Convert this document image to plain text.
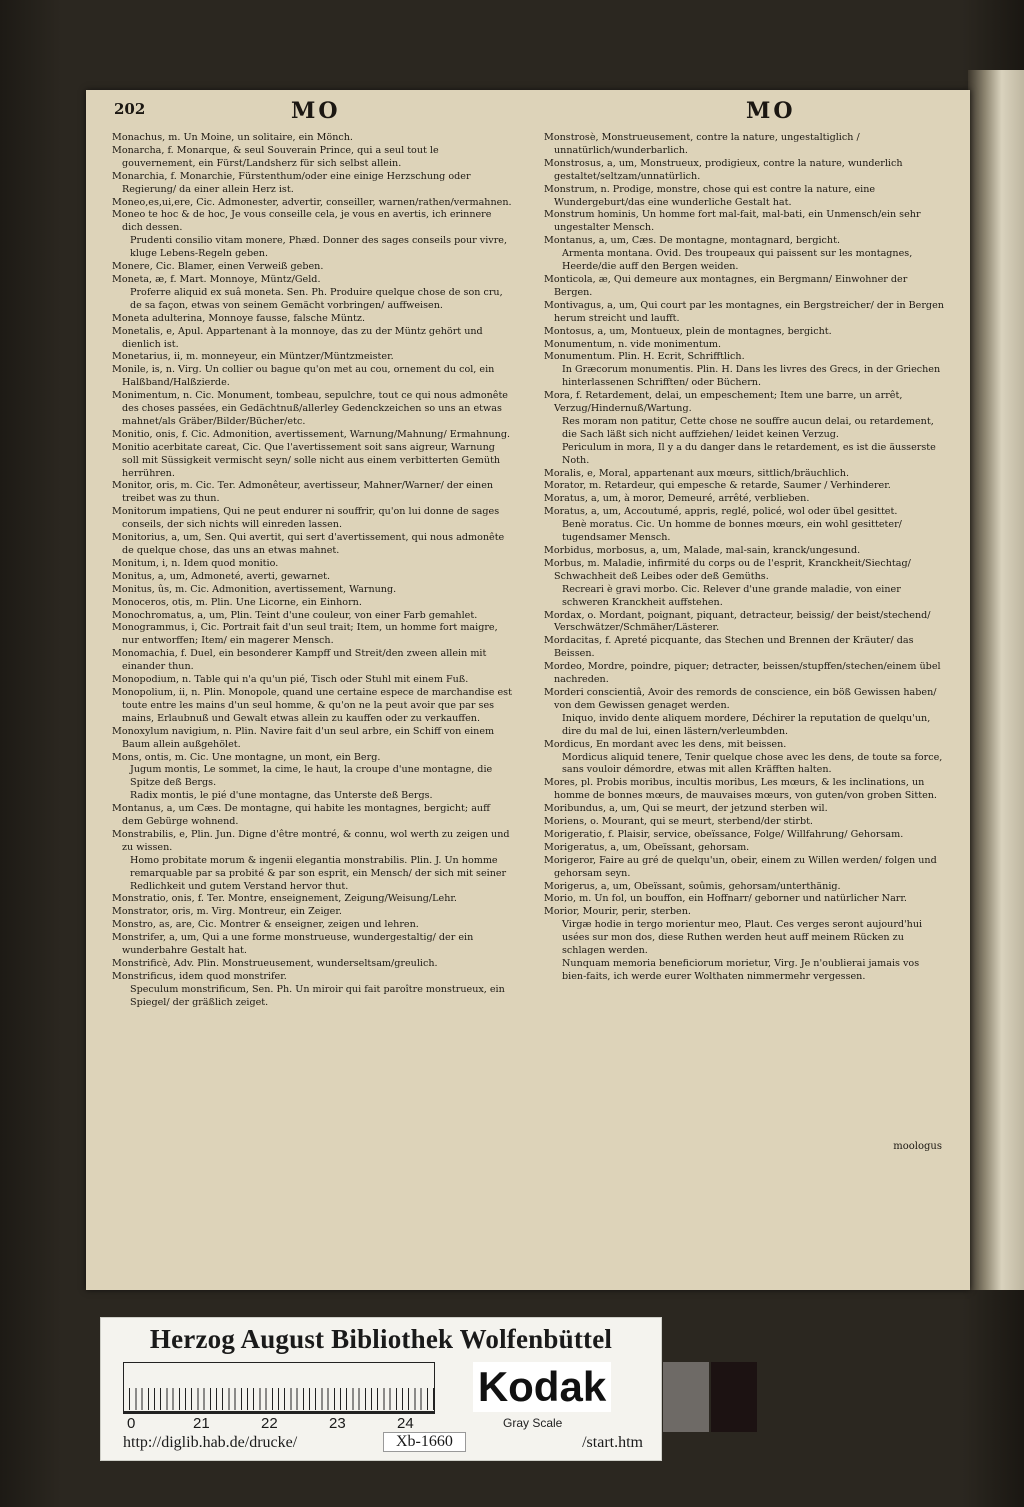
202	MO	MO

Monachus, m. Un Moine, un solitaire, ein Mönch.

Monarcha, f. Monarque, & seul Souverain Prince, qui a seul tout le gouvernement, ein Fürst/Landsherz für sich selbst allein.

Monarchia, f. Monarchie, Fürstenthum/oder eine einige Herzschung oder Regierung/ da einer allein Herz ist.

Moneo,es,ui,ere, Cic. Admonester, advertir, conseiller, warnen/rathen/vermahnen.

Moneo te hoc & de hoc, Je vous conseille cela, je vous en avertis, ich erinnere dich dessen.

Prudenti consilio vitam monere, Phæd. Donner des sages conseils pour vivre, kluge Lebens-Regeln geben.

Monere, Cic. Blamer, einen Verweiß geben.

Moneta, æ, f. Mart. Monnoye, Müntz/Geld.

Proferre aliquid ex suâ moneta. Sen. Ph. Produire quelque chose de son cru, de sa façon, etwas von seinem Gemächt vorbringen/ auffweisen.

Moneta adulterina, Monnoye fausse, falsche Müntz.

Monetalis, e, Apul. Appartenant à la monnoye, das zu der Müntz gehört und dienlich ist.

Monetarius, ii, m. monneyeur, ein Müntzer/Müntzmeister.

Monile, is, n. Virg. Un collier ou bague qu'on met au cou, ornement du col, ein Halßband/Halßzierde.

Monimentum, n. Cic. Monument, tombeau, sepulchre, tout ce qui nous admonête des choses passées, ein Gedächtnuß/allerley Gedenckzeichen so uns an etwas mahnet/als Gräber/Bilder/Bücher/etc.

Monitio, onis, f. Cic. Admonition, avertissement, Warnung/Mahnung/ Ermahnung.

Monitio acerbitate careat, Cic. Que l'avertissement soit sans aigreur, Warnung soll mit Süssigkeit vermischt seyn/ solle nicht aus einem verbitterten Gemüth herrühren.

Monitor, oris, m. Cic. Ter. Admonêteur, avertisseur, Mahner/Warner/ der einen treibet was zu thun.

Monitorum impatiens, Qui ne peut endurer ni souffrir, qu'on lui donne de sages conseils, der sich nichts will einreden lassen.

Monitorius, a, um, Sen. Qui avertit, qui sert d'avertissement, qui nous admonête de quelque chose, das uns an etwas mahnet.

Monitum, i, n. Idem quod monitio.

Monitus, a, um, Admoneté, averti, gewarnet.

Monitus, ûs, m. Cic. Admonition, avertissement, Warnung.

Monoceros, otis, m. Plin. Une Licorne, ein Einhorn.

Monochromatus, a, um, Plin. Teint d'une couleur, von einer Farb gemahlet.

Monogrammus, i, Cic. Portrait fait d'un seul trait; Item, un homme fort maigre, nur entworffen; Item/ ein magerer Mensch.

Monomachia, f. Duel, ein besonderer Kampff und Streit/den zween allein mit einander thun.

Monopodium, n. Table qui n'a qu'un pié, Tisch oder Stuhl mit einem Fuß.

Monopolium, ii, n. Plin. Monopole, quand une certaine espece de marchandise est toute entre les mains d'un seul homme, & qu'on ne la peut avoir que par ses mains, Erlaubnuß und Gewalt etwas allein zu kauffen oder zu verkauffen.

Monoxylum navigium, n. Plin. Navire fait d'un seul arbre, ein Schiff von einem Baum allein außgehölet.

Mons, ontis, m. Cic. Une montagne, un mont, ein Berg.

Jugum montis, Le sommet, la cime, le haut, la croupe d'une montagne, die Spitze deß Bergs.

Radix montis, le pié d'une montagne, das Unterste deß Bergs.

Montanus, a, um Cæs. De montagne, qui habite les montagnes, bergicht; auff dem Gebürge wohnend.

Monstrabilis, e, Plin. Jun. Digne d'être montré, & connu, wol werth zu zeigen und zu wissen.

Homo probitate morum & ingenii elegantia monstrabilis. Plin. J. Un homme remarquable par sa probité & par son esprit, ein Mensch/ der sich mit seiner Redlichkeit und gutem Verstand hervor thut.

Monstratio, onis, f. Ter. Montre, enseignement, Zeigung/Weisung/Lehr.

Monstrator, oris, m. Virg. Montreur, ein Zeiger.

Monstro, as, are, Cic. Montrer & enseigner, zeigen und lehren.

Monstrifer, a, um, Qui a une forme monstrueuse, wundergestaltig/ der ein wunderbahre Gestalt hat.

Monstrificè, Adv. Plin. Monstrueusement, wunderseltsam/greulich.

Monstrificus, idem quod monstrifer.

Speculum monstrificum, Sen. Ph. Un miroir qui fait paroître monstrueux, ein Spiegel/ der gräßlich zeiget.

Monstrosè, Monstrueusement, contre la nature, ungestaltiglich / unnatürlich/wunderbarlich.

Monstrosus, a, um, Monstrueux, prodigieux, contre la nature, wunderlich gestaltet/seltzam/unnatürlich.

Monstrum, n. Prodige, monstre, chose qui est contre la nature, eine Wundergeburt/das eine wunderliche Gestalt hat.

Monstrum hominis, Un homme fort mal-fait, mal-bati, ein Unmensch/ein sehr ungestalter Mensch.

Montanus, a, um, Cæs. De montagne, montagnard, bergicht.

Armenta montana. Ovid. Des troupeaux qui paissent sur les montagnes, Heerde/die auff den Bergen weiden.

Monticola, æ, Qui demeure aux montagnes, ein Bergmann/ Einwohner der Bergen.

Montivagus, a, um, Qui court par les montagnes, ein Bergstreicher/ der in Bergen herum streicht und laufft.

Montosus, a, um, Montueux, plein de montagnes, bergicht.

Monumentum, n. vide monimentum.

Monumentum. Plin. H. Ecrit, Schrifftlich.

In Græcorum monumentis. Plin. H. Dans les livres des Grecs, in der Griechen hinterlassenen Schrifften/ oder Büchern.

Mora, f. Retardement, delai, un empeschement; Item une barre, un arrêt, Verzug/Hindernuß/Wartung.

Res moram non patitur, Cette chose ne souffre aucun delai, ou retardement, die Sach läßt sich nicht auffziehen/ leidet keinen Verzug.

Periculum in mora, Il y a du danger dans le retardement, es ist die äusserste Noth.

Moralis, e, Moral, appartenant aux mœurs, sittlich/bräuchlich.

Morator, m. Retardeur, qui empesche & retarde, Saumer / Verhinderer.

Moratus, a, um, à moror, Demeuré, arrêté, verblieben.

Moratus, a, um, Accoutumé, appris, reglé, policé, wol oder übel gesittet.

Benè moratus. Cic. Un homme de bonnes mœurs, ein wohl gesitteter/ tugendsamer Mensch.

Morbidus, morbosus, a, um, Malade, mal-sain, kranck/ungesund.

Morbus, m. Maladie, infirmité du corps ou de l'esprit, Kranckheit/Siechtag/ Schwachheit deß Leibes oder deß Gemüths.

Recreari è gravi morbo. Cic. Relever d'une grande maladie, von einer schweren Kranckheit auffstehen.

Mordax, o. Mordant, poignant, piquant, detracteur, beissig/ der beist/stechend/ Verschwätzer/Schmäher/Lästerer.

Mordacitas, f. Apreté picquante, das Stechen und Brennen der Kräuter/ das Beissen.

Mordeo, Mordre, poindre, piquer; detracter, beissen/stupffen/stechen/einem übel nachreden.

Morderi conscientiâ, Avoir des remords de conscience, ein böß Gewissen haben/ von dem Gewissen genaget werden.

Iniquo, invido dente aliquem mordere, Déchirer la reputation de quelqu'un, dire du mal de lui, einen lästern/verleumbden.

Mordicus, En mordant avec les dens, mit beissen.

Mordicus aliquid tenere, Tenir quelque chose avec les dens, de toute sa force, sans vouloir démordre, etwas mit allen Kräfften halten.

Mores, pl. Probis moribus, incultis moribus, Les mœurs, & les inclinations, un homme de bonnes mœurs, de mauvaises mœurs, von guten/von groben Sitten.

Moribundus, a, um, Qui se meurt, der jetzund sterben wil.

Moriens, o. Mourant, qui se meurt, sterbend/der stirbt.

Morigeratio, f. Plaisir, service, obeïssance, Folge/ Willfahrung/ Gehorsam.

Morigeratus, a, um, Obeïssant, gehorsam.

Morigeror, Faire au gré de quelqu'un, obeir, einem zu Willen werden/ folgen und gehorsam seyn.

Morigerus, a, um, Obeïssant, soûmis, gehorsam/unterthänig.

Morio, m. Un fol, un bouffon, ein Hoffnarr/ geborner und natürlicher Narr.

Morior, Mourir, perir, sterben.

Virgæ hodie in tergo morientur meo, Plaut. Ces verges seront aujourd'hui usées sur mon dos, diese Ruthen werden heut auff meinem Rücken zu schlagen werden.

Nunquam memoria beneficiorum morietur, Virg. Je n'oublierai jamais vos bien-faits, ich werde eurer Wolthaten nimmermehr vergessen.

moologus
Herzog August Bibliothek Wolfenbüttel
0	21	22	23	24
Kodak
Gray Scale
http://diglib.hab.de/drucke/	Xb-1660	/start.htm
